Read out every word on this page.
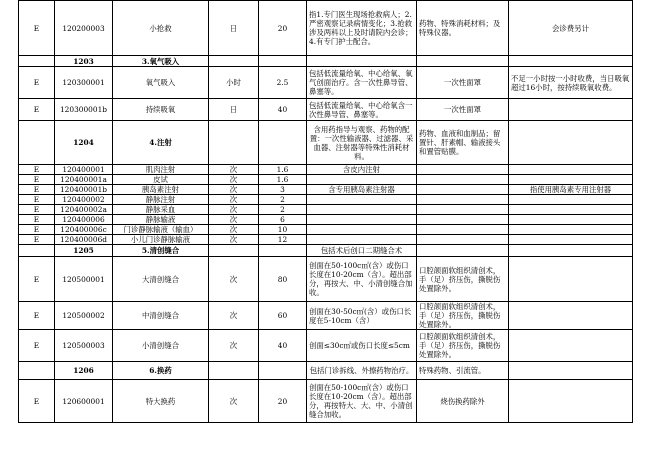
E	120200003	小抢救	日	20	指1.专门医生现场抢救病人；2.严密观察记录病情变化；3.抢救涉及两科以上及时请院内会诊；4.有专门护士配合。	药物、特殊消耗材料；及特殊仪器。	会诊费另计
	1203	3.氧气吸入					
E	120300001	氧气吸入	小时	2.5	包括低流量给氧、中心给氧、氧气创面治疗。含一次性鼻导管、鼻塞等。	一次性面罩	不足一小时按一小时收费，当日吸氧超过16小时，按持续吸氧收费。
E	120300001b	持续吸氧	日	40	包括低流量给氧、中心给氧含一次性鼻导管、鼻塞等。	一次性面罩	
	1204	4.注射			含用药指导与观察、药物的配置：一次性输液器、过滤器、采血器、注射器等特殊性消耗材料。	药物、血液和血制品；留置针、肝素帽、输液接头和置管贴膜。	
E	120400001	肌肉注射	次	1.6	含皮内注射		
E	120400001a	皮试	次	1.6			
E	120400001b	胰岛素注射	次	3	含专用胰岛素注射器		指使用胰岛素专用注射器
E	120400002	静脉注射	次	2			
E	120400002a	静脉采血	次	2			
E	120400006	静脉输液	次	6			
E	120400006c	门诊静脉输液（输血）	次	10			
E	120400006d	小儿门诊静脉输液	次	12			
	1205	5.清创缝合			包括术后创口二期缝合术		
E	120500001	大清创缝合	次	80	创面在50-100c㎡(含）或伤口长度在10-20cm（含）。超出部分，再按大、中、小清创缝合加收。	口腔颌面软组织清创术，手（足）挤压伤，撕脱伤处置除外。	
E	120500002	中清创缝合	次	60	创面在30-50c㎡(含）或伤口长度在5-10cm（含）	口腔颌面软组织清创术，手（足）挤压伤，撕脱伤处置除外。	
E	120500003	小清创缝合	次	40	创面≤30c㎡或伤口长度≤5cm	口腔颌面软组织清创术，手（足）挤压伤，撕脱伤处置除外。	
	1206	6.换药			包括门诊拆线、外擦药物治疗。	特殊药物、引流管。	
E	120600001	特大换药	次	20	创面在50-100c㎡(含）或伤口长度在10-20cm（含）。超出部分，再按特大、大、中、小清创缝合加收。	烧伤换药除外	
